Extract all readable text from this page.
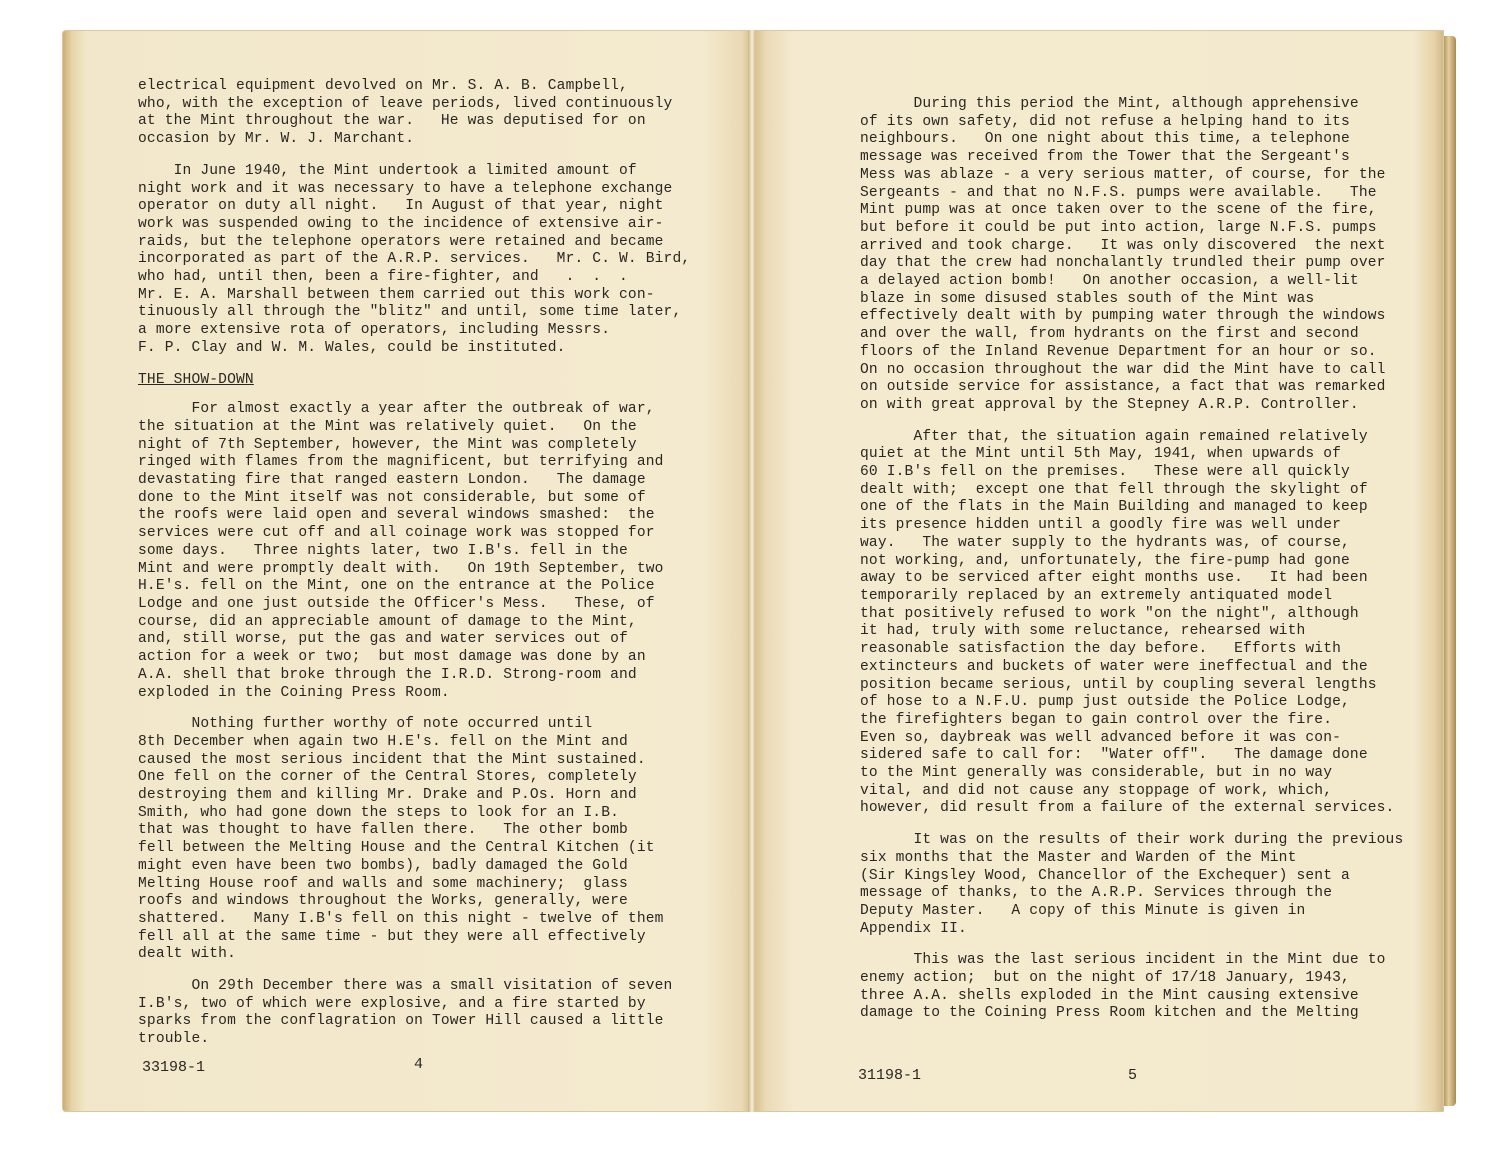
electrical equipment devolved on Mr. S. A. B. Campbell,
who, with the exception of leave periods, lived continuously
at the Mint throughout the war.   He was deputised for on
occasion by Mr. W. J. Marchant.
In June 1940, the Mint undertook a limited amount of
night work and it was necessary to have a telephone exchange
operator on duty all night.   In August of that year, night
work was suspended owing to the incidence of extensive air-
raids, but the telephone operators were retained and became
incorporated as part of the A.R.P. services.   Mr. C. W. Bird,
who had, until then, been a fire-fighter, and   .  .  .
Mr. E. A. Marshall between them carried out this work con-
tinuously all through the "blitz" and until, some time later,
a more extensive rota of operators, including Messrs.
F. P. Clay and W. M. Wales, could be instituted.
THE SHOW-DOWN
For almost exactly a year after the outbreak of war,
the situation at the Mint was relatively quiet.   On the
night of 7th September, however, the Mint was completely
ringed with flames from the magnificent, but terrifying and
devastating fire that ranged eastern London.   The damage
done to the Mint itself was not considerable, but some of
the roofs were laid open and several windows smashed:  the
services were cut off and all coinage work was stopped for
some days.   Three nights later, two I.B's. fell in the
Mint and were promptly dealt with.   On 19th September, two
H.E's. fell on the Mint, one on the entrance at the Police
Lodge and one just outside the Officer's Mess.   These, of
course, did an appreciable amount of damage to the Mint,
and, still worse, put the gas and water services out of
action for a week or two;  but most damage was done by an
A.A. shell that broke through the I.R.D. Strong-room and
exploded in the Coining Press Room.
Nothing further worthy of note occurred until
8th December when again two H.E's. fell on the Mint and
caused the most serious incident that the Mint sustained.
One fell on the corner of the Central Stores, completely
destroying them and killing Mr. Drake and P.Os. Horn and
Smith, who had gone down the steps to look for an I.B.
that was thought to have fallen there.   The other bomb
fell between the Melting House and the Central Kitchen (it
might even have been two bombs), badly damaged the Gold
Melting House roof and walls and some machinery;  glass
roofs and windows throughout the Works, generally, were
shattered.   Many I.B's fell on this night - twelve of them
fell all at the same time - but they were all effectively
dealt with.
On 29th December there was a small visitation of seven
I.B's, two of which were explosive, and a fire started by
sparks from the conflagration on Tower Hill caused a little
trouble.
33198-1	4
During this period the Mint, although apprehensive
of its own safety, did not refuse a helping hand to its
neighbours.   On one night about this time, a telephone
message was received from the Tower that the Sergeant's
Mess was ablaze - a very serious matter, of course, for the
Sergeants - and that no N.F.S. pumps were available.   The
Mint pump was at once taken over to the scene of the fire,
but before it could be put into action, large N.F.S. pumps
arrived and took charge.   It was only discovered  the next
day that the crew had nonchalantly trundled their pump over
a delayed action bomb!   On another occasion, a well-lit
blaze in some disused stables south of the Mint was
effectively dealt with by pumping water through the windows
and over the wall, from hydrants on the first and second
floors of the Inland Revenue Department for an hour or so.
On no occasion throughout the war did the Mint have to call
on outside service for assistance, a fact that was remarked
on with great approval by the Stepney A.R.P. Controller.
After that, the situation again remained relatively
quiet at the Mint until 5th May, 1941, when upwards of
60 I.B's fell on the premises.   These were all quickly
dealt with;  except one that fell through the skylight of
one of the flats in the Main Building and managed to keep
its presence hidden until a goodly fire was well under
way.   The water supply to the hydrants was, of course,
not working, and, unfortunately, the fire-pump had gone
away to be serviced after eight months use.   It had been
temporarily replaced by an extremely antiquated model
that positively refused to work "on the night", although
it had, truly with some reluctance, rehearsed with
reasonable satisfaction the day before.   Efforts with
extincteurs and buckets of water were ineffectual and the
position became serious, until by coupling several lengths
of hose to a N.F.U. pump just outside the Police Lodge,
the firefighters began to gain control over the fire.
Even so, daybreak was well advanced before it was con-
sidered safe to call for:  "Water off".   The damage done
to the Mint generally was considerable, but in no way
vital, and did not cause any stoppage of work, which,
however, did result from a failure of the external services.
It was on the results of their work during the previous
six months that the Master and Warden of the Mint
(Sir Kingsley Wood, Chancellor of the Exchequer) sent a
message of thanks, to the A.R.P. Services through the
Deputy Master.   A copy of this Minute is given in
Appendix II.
This was the last serious incident in the Mint due to
enemy action;  but on the night of 17/18 January, 1943,
three A.A. shells exploded in the Mint causing extensive
damage to the Coining Press Room kitchen and the Melting
31198-1	5
